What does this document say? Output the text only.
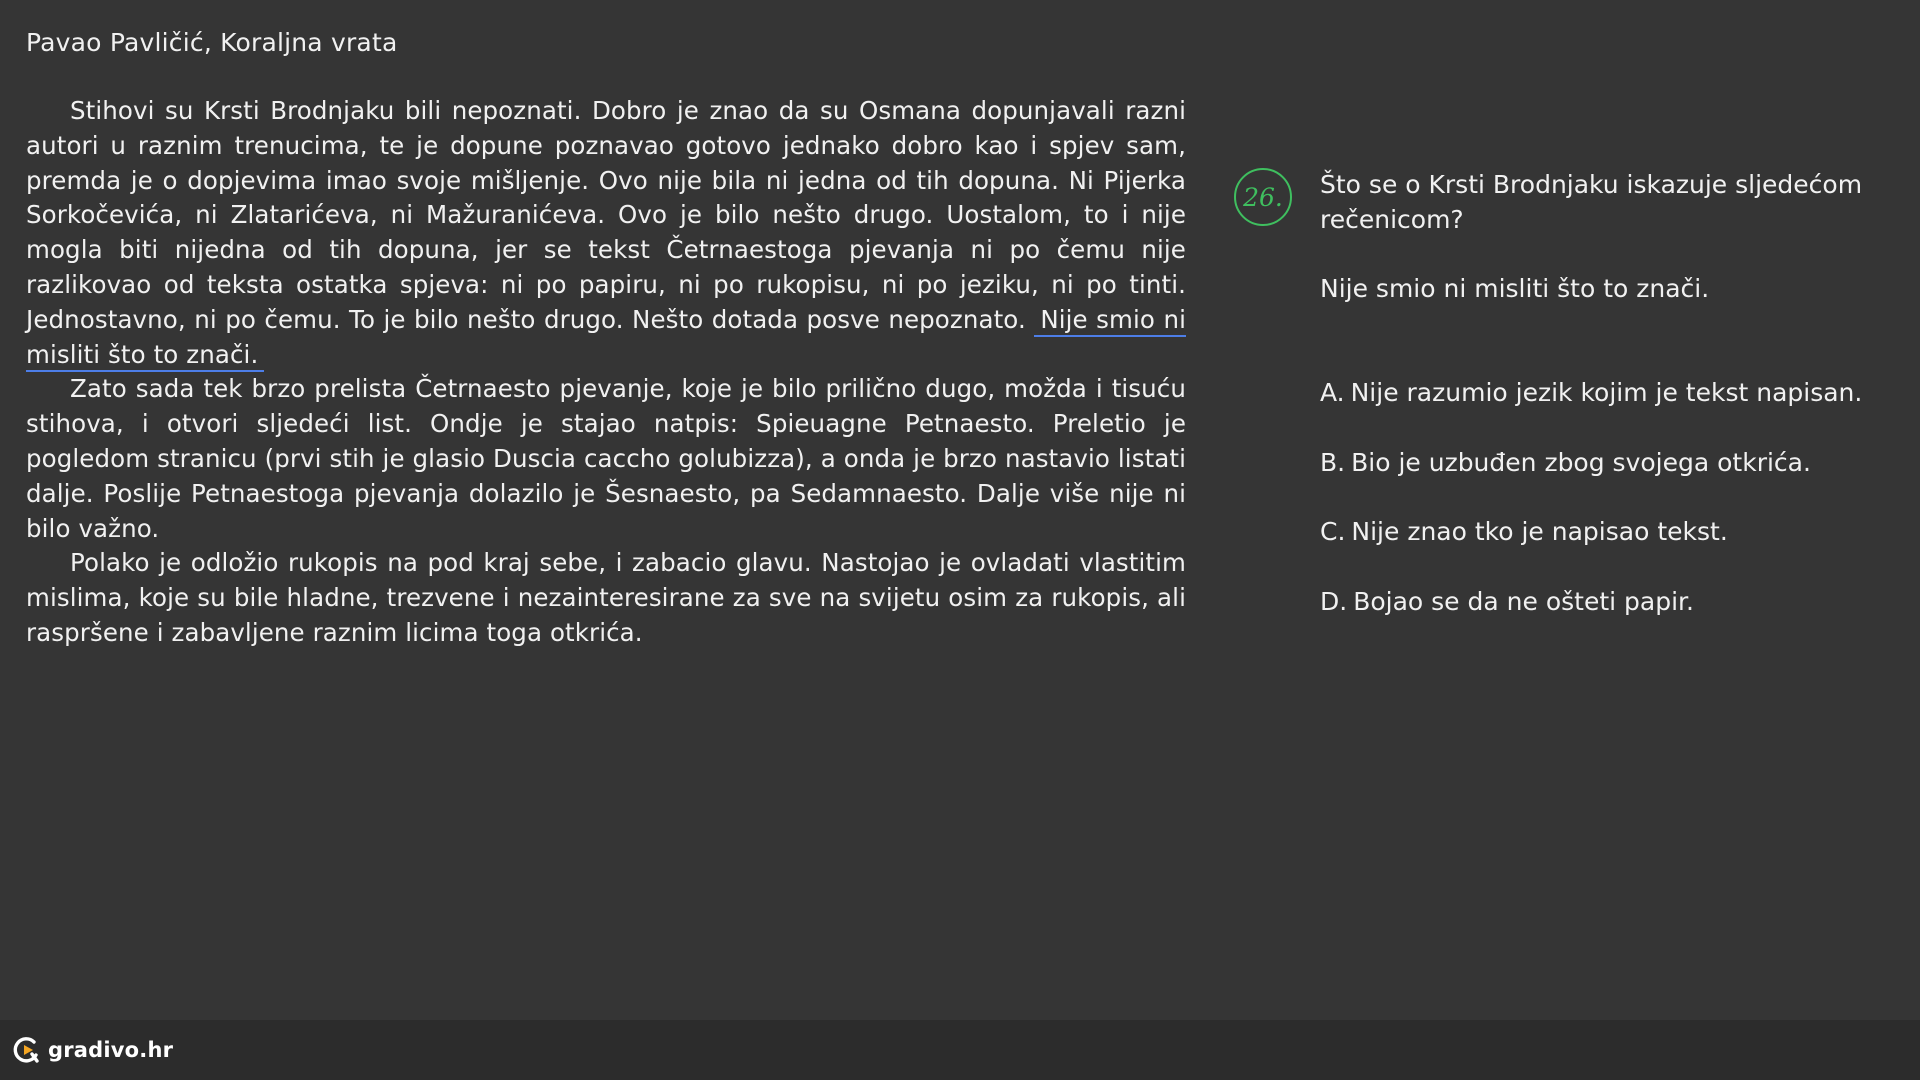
Pavao Pavličić, Koraljna vrata

Stihovi su Krsti Brodnjaku bili nepoznati. Dobro je znao da su Osmana dopunjavali razni autori u raznim trenucima, te je dopune poznavao gotovo jednako dobro kao i spjev sam, premda je o dopjevima imao svoje mišljenje. Ovo nije bila ni jedna od tih dopuna. Ni Pijerka Sorkočevića, ni Zlatarićeva, ni Mažuranićeva. Ovo je bilo nešto drugo. Uostalom, to i nije mogla biti nijedna od tih dopuna, jer se tekst Četrnaestoga pjevanja ni po čemu nije razlikovao od teksta ostatka spjeva: ni po papiru, ni po rukopisu, ni po jeziku, ni po tinti. Jednostavno, ni po čemu. To je bilo nešto drugo. Nešto dotada posve nepoznato. Nije smio ni misliti što to znači.

Zato sada tek brzo prelista Četrnaesto pjevanje, koje je bilo prilično dugo, možda i tisuću stihova, i otvori sljedeći list. Ondje je stajao natpis: Spieuagne Petnaesto. Preletio je pogledom stranicu (prvi stih je glasio Duscia caccho golubizza), a onda je brzo nastavio listati dalje. Poslije Petnaestoga pjevanja dolazilo je Šesnaesto, pa Sedamnaesto. Dalje više nije ni bilo važno.

Polako je odložio rukopis na pod kraj sebe, i zabacio glavu. Nastojao je ovladati vlastitim mislima, koje su bile hladne, trezvene i nezainteresirane za sve na svijetu osim za rukopis, ali raspršene i zabavljene raznim licima toga otkrića.

26.	Što se o Krsti Brodnjaku iskazuje sljedećom rečenicom?
Nije smio ni misliti što to znači.
A. Nije razumio jezik kojim je tekst napisan.
B. Bio je uzbuđen zbog svojega otkrića.
C. Nije znao tko je napisao tekst.
D. Bojao se da ne ošteti papir.
gradivo.hr
